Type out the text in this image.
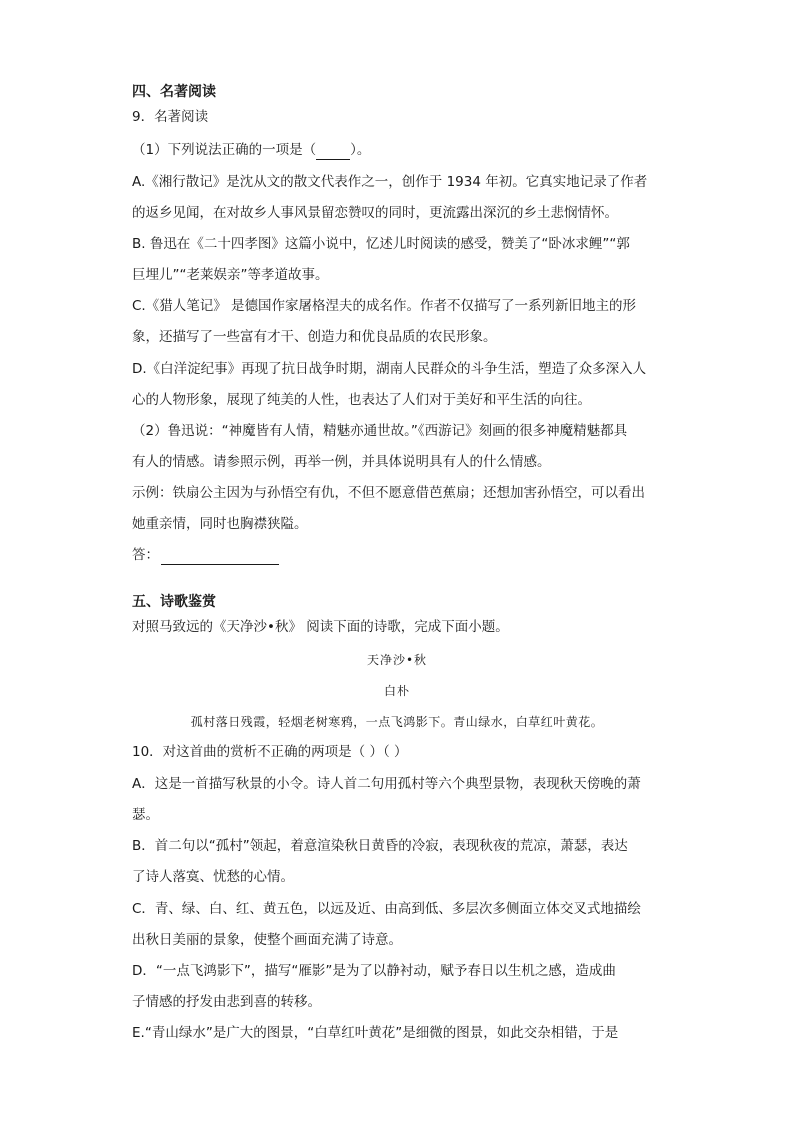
四、名著阅读
9．名著阅读
（1）下列说法正确的一项是（	）。
A.《湘行散记》是沈从文的散文代表作之一，创作于 1934 年初。它真实地记录了作者
的返乡见闻，在对故乡人事风景留恋赞叹的同时，更流露出深沉的乡土悲悯情怀。
B. 鲁迅在《二十四孝图》这篇小说中，忆述儿时阅读的感受，赞美了“卧冰求鲤”“郭
巨埋儿”“老莱娱亲”等孝道故事。
C.《猎人笔记》 是德国作家屠格涅夫的成名作。作者不仅描写了一系列新旧地主的形
象，还描写了一些富有才干、创造力和优良品质的农民形象。
D.《白洋淀纪事》再现了抗日战争时期，湖南人民群众的斗争生活，塑造了众多深入人
心的人物形象，展现了纯美的人性，也表达了人们对于美好和平生活的向往。
（2）鲁迅说：“神魔皆有人情，精魅亦通世故。”《西游记》刻画的很多神魔精魅都具
有人的情感。请参照示例，再举一例，并具体说明具有人的什么情感。
示例：铁扇公主因为与孙悟空有仇，不但不愿意借芭蕉扇；还想加害孙悟空，可以看出
她重亲情，同时也胸襟狭隘。
答：
五、诗歌鉴赏
对照马致远的《天净沙•秋》 阅读下面的诗歌，完成下面小题。
天净沙•秋
白朴
孤村落日残霞，轻烟老树寒鸦，一点飞鸿影下。青山绿水，白草红叶黄花。
10．对这首曲的赏析不正确的两项是（ ）（ ）
A．这是一首描写秋景的小令。诗人首二句用孤村等六个典型景物，表现秋天傍晚的萧
瑟。
B．首二句以“孤村”领起，着意渲染秋日黄昏的冷寂，表现秋夜的荒凉，萧瑟，表达
了诗人落寞、忧愁的心情。
C．青、绿、白、红、黄五色，以远及近、由高到低、多层次多侧面立体交叉式地描绘
出秋日美丽的景象，使整个画面充满了诗意。
D．“一点飞鸿影下”，描写“雁影”是为了以静衬动，赋予春日以生机之感，造成曲
子情感的抒发由悲到喜的转移。
E.“青山绿水”是广大的图景，“白草红叶黄花”是细微的图景，如此交杂相错，于是
